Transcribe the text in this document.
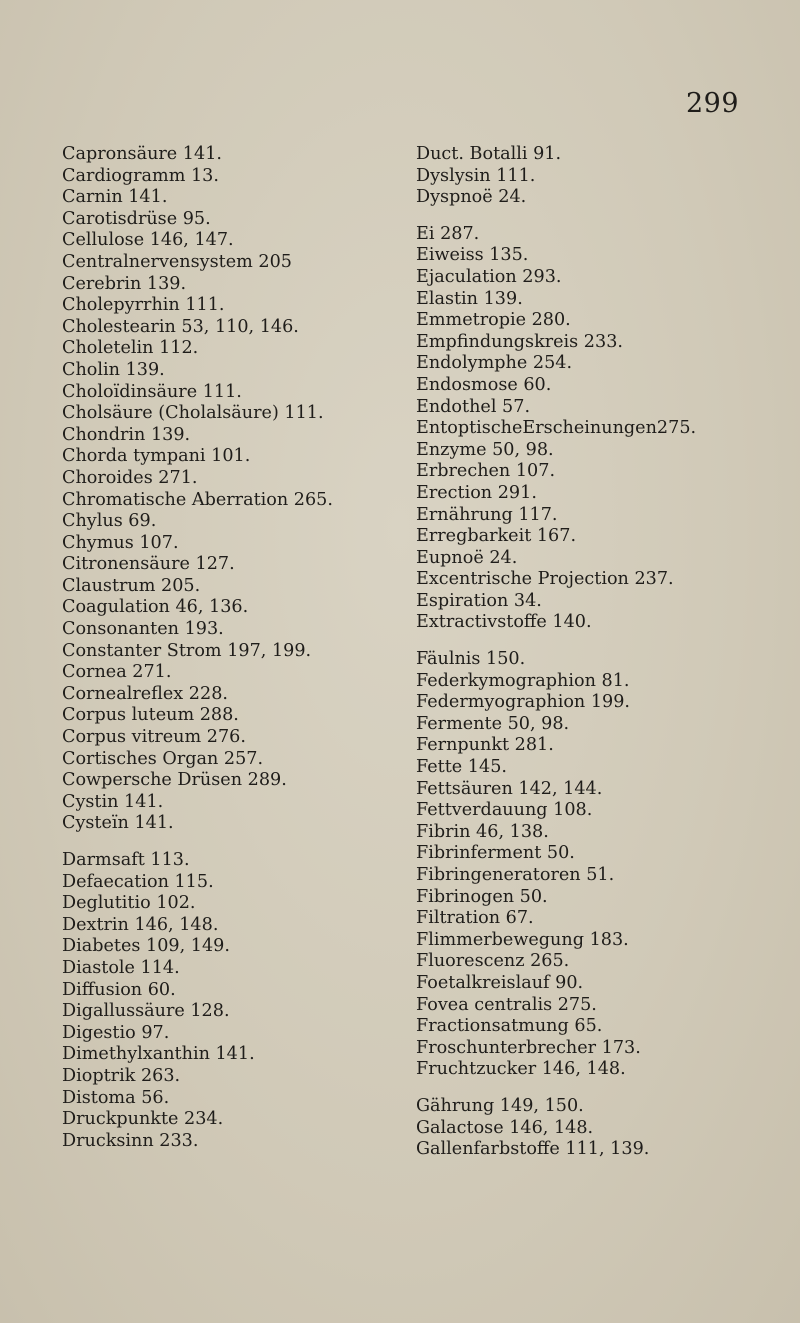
299
Capronsäure 141.
Cardiogramm 13.
Carnin 141.
Carotisdrüse 95.
Cellulose 146, 147.
Centralnervensystem 205
Cerebrin 139.
Cholepyrrhin 111.
Cholestearin 53, 110, 146.
Choletelin 112.
Cholin 139.
Choloïdinsäure 111.
Cholsäure (Cholalsäure) 111.
Chondrin 139.
Chorda tympani 101.
Choroides 271.
Chromatische Aberration 265.
Chylus 69.
Chymus 107.
Citronensäure 127.
Claustrum 205.
Coagulation 46, 136.
Consonanten 193.
Constanter Strom 197, 199.
Cornea 271.
Cornealreflex 228.
Corpus luteum 288.
Corpus vitreum 276.
Cortisches Organ 257.
Cowpersche Drüsen 289.
Cystin 141.
Cysteïn 141.
Darmsaft 113.
Defaecation 115.
Deglutitio 102.
Dextrin 146, 148.
Diabetes 109, 149.
Diastole 114.
Diffusion 60.
Digallussäure 128.
Digestio 97.
Dimethylxanthin 141.
Dioptrik 263.
Distoma 56.
Druckpunkte 234.
Drucksinn 233.
Duct. Botalli 91.
Dyslysin 111.
Dyspnoë 24.
Ei 287.
Eiweiss 135.
Ejaculation 293.
Elastin 139.
Emmetropie 280.
Empfindungskreis 233.
Endolymphe 254.
Endosmose 60.
Endothel 57.
EntoptischeErscheinungen275.
Enzyme 50, 98.
Erbrechen 107.
Erection 291.
Ernährung 117.
Erregbarkeit 167.
Eupnoë 24.
Excentrische Projection 237.
Espiration 34.
Extractivstoffe 140.
Fäulnis 150.
Federkymographion 81.
Federmyographion 199.
Fermente 50, 98.
Fernpunkt 281.
Fette 145.
Fettsäuren 142, 144.
Fettverdauung 108.
Fibrin 46, 138.
Fibrinferment 50.
Fibringeneratoren 51.
Fibrinogen 50.
Filtration 67.
Flimmerbewegung 183.
Fluorescenz 265.
Foetalkreislauf 90.
Fovea centralis 275.
Fractionsatmung 65.
Froschunterbrecher 173.
Fruchtzucker 146, 148.
Gährung 149, 150.
Galactose 146, 148.
Gallenfarbstoffe 111, 139.
